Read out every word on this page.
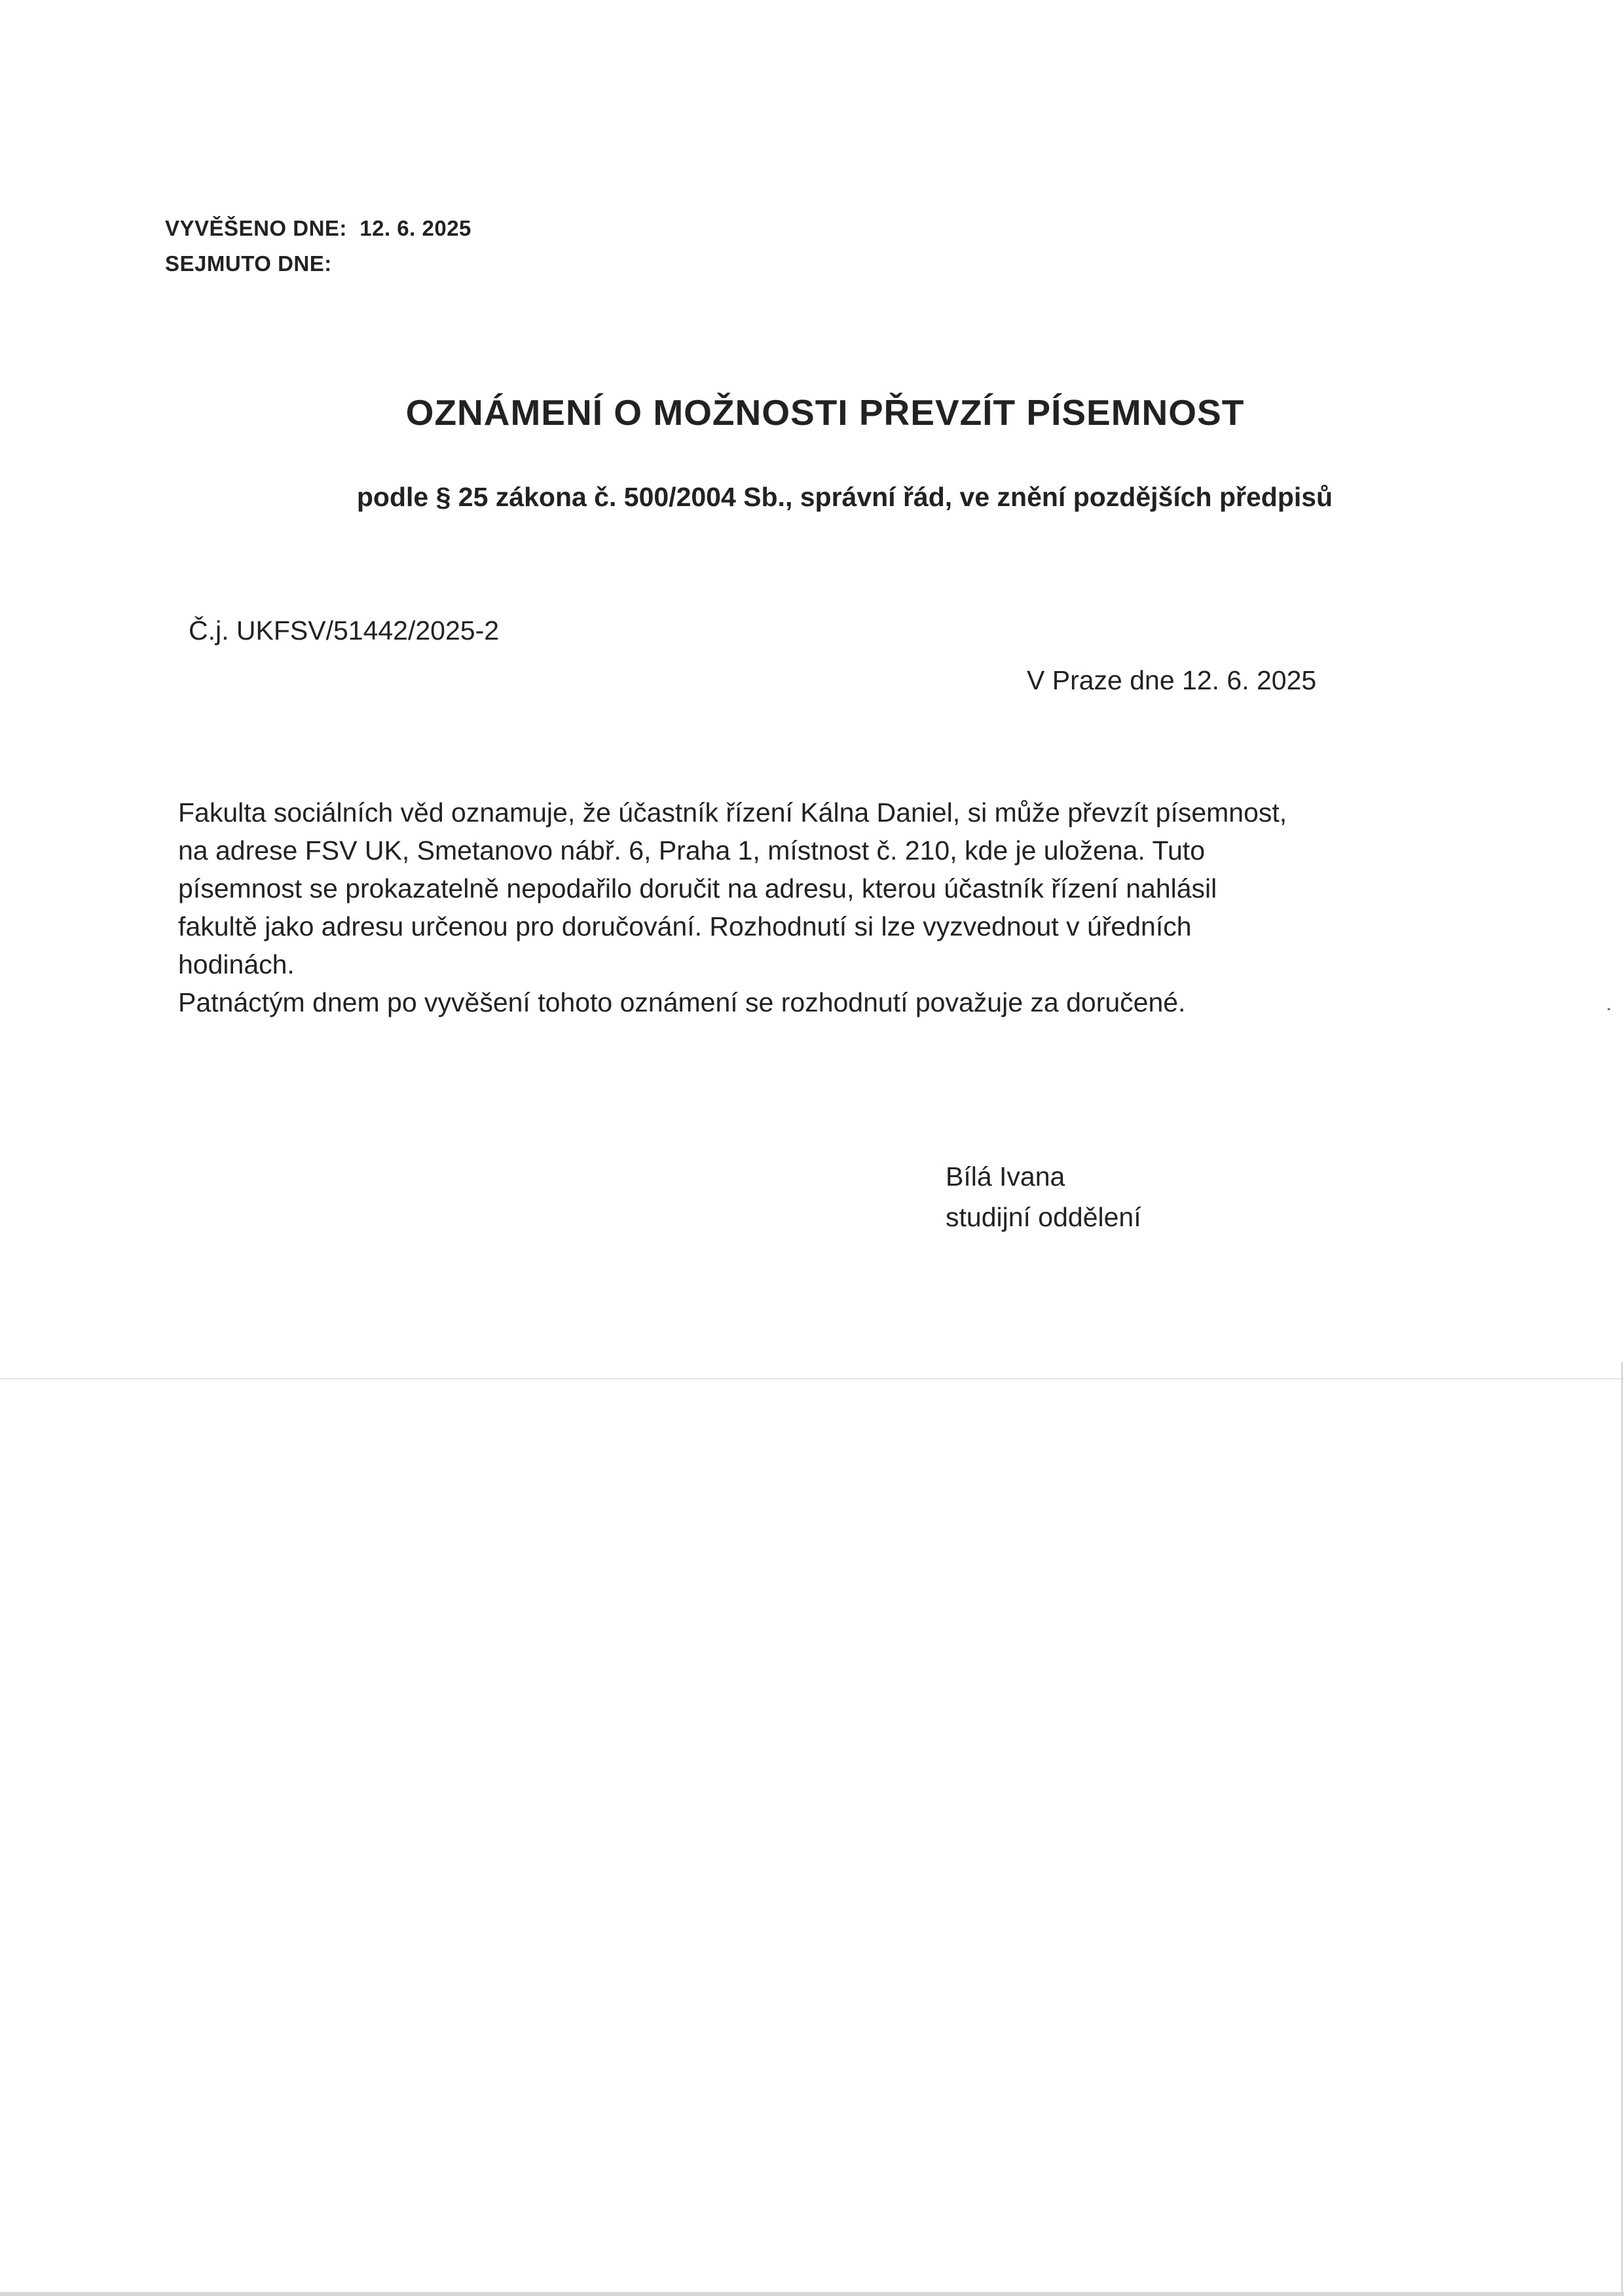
VYVĚŠENO DNE: 12. 6. 2025
SEJMUTO DNE:
OZNÁMENÍ O MOŽNOSTI PŘEVZÍT PÍSEMNOST
podle § 25 zákona č. 500/2004 Sb., správní řád, ve znění pozdějších předpisů
Č.j. UKFSV/51442/2025-2
V Praze dne 12. 6. 2025
Fakulta sociálních věd oznamuje, že účastník řízení Kálna Daniel, si může převzít písemnost,
na adrese FSV UK, Smetanovo nábř. 6, Praha 1, místnost č. 210, kde je uložena. Tuto
písemnost se prokazatelně nepodařilo doručit na adresu, kterou účastník řízení nahlásil
fakultě jako adresu určenou pro doručování. Rozhodnutí si lze vyzvednout v úředních
hodinách.
Patnáctým dnem po vyvěšení tohoto oznámení se rozhodnutí považuje za doručené.
Bílá Ivana
studijní oddělení
